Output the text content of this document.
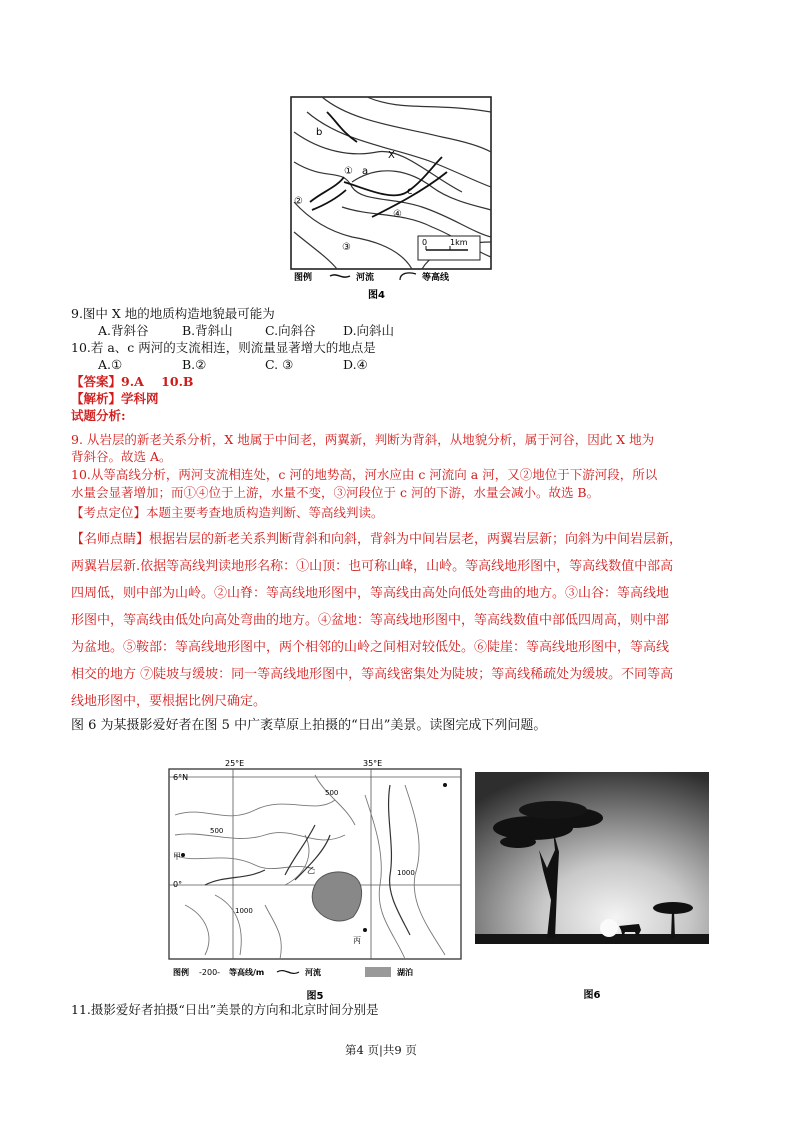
b
a
X
c
①
②
③
④
0	1km
图例	河流	等高线
图4
9.图中 X 地的地质构造地貌最可能为
A.背斜谷	B.背斜山	C.向斜谷 D.向斜山
10.若 a、c 两河的支流相连，则流量显著增大的地点是
A.①	B.②	C. ③	D.④
【答案】9.A    10.B
【解析】学科网
试题分析:
9. 从岩层的新老关系分析，X 地属于中间老，两翼新，判断为背斜，从地貌分析，属于河谷，因此 X 地为
背斜谷。故选 A。
10.从等高线分析，两河支流相连处，c 河的地势高，河水应由 c 河流向 a 河，又②地位于下游河段，所以
水量会显著增加；而①④位于上游，水量不变，③河段位于 c 河的下游，水量会减小。故选 B。
【考点定位】本题主要考查地质构造判断、等高线判读。
【名师点睛】根据岩层的新老关系判断背斜和向斜，背斜为中间岩层老，两翼岩层新；向斜为中间岩层新，
两翼岩层新.依据等高线判读地形名称：①山顶：也可称山峰，山岭。等高线地形图中，等高线数值中部高
四周低，则中部为山岭。②山脊：等高线地形图中，等高线由高处向低处弯曲的地方。③山谷：等高线地
形图中，等高线由低处向高处弯曲的地方。④盆地：等高线地形图中，等高线数值中部低四周高，则中部
为盆地。⑤鞍部：等高线地形图中，两个相邻的山岭之间相对较低处。⑥陡崖：等高线地形图中，等高线
相交的地方 ⑦陡坡与缓坡：同一等高线地形图中，等高线密集处为陡坡；等高线稀疏处为缓坡。不同等高
线地形图中，要根据比例尺确定。
图 6 为某摄影爱好者在图 5 中广袤草原上拍摄的“日出”美景。读图完成下列问题。
25°E	35°E
6°N
0°
500
500
1000
1000
甲
乙
丙
图例 -200- 等高线/m	河流	湖泊
图5	图6
11.摄影爱好者拍摄“日出”美景的方向和北京时间分别是
第4 页|共9 页
